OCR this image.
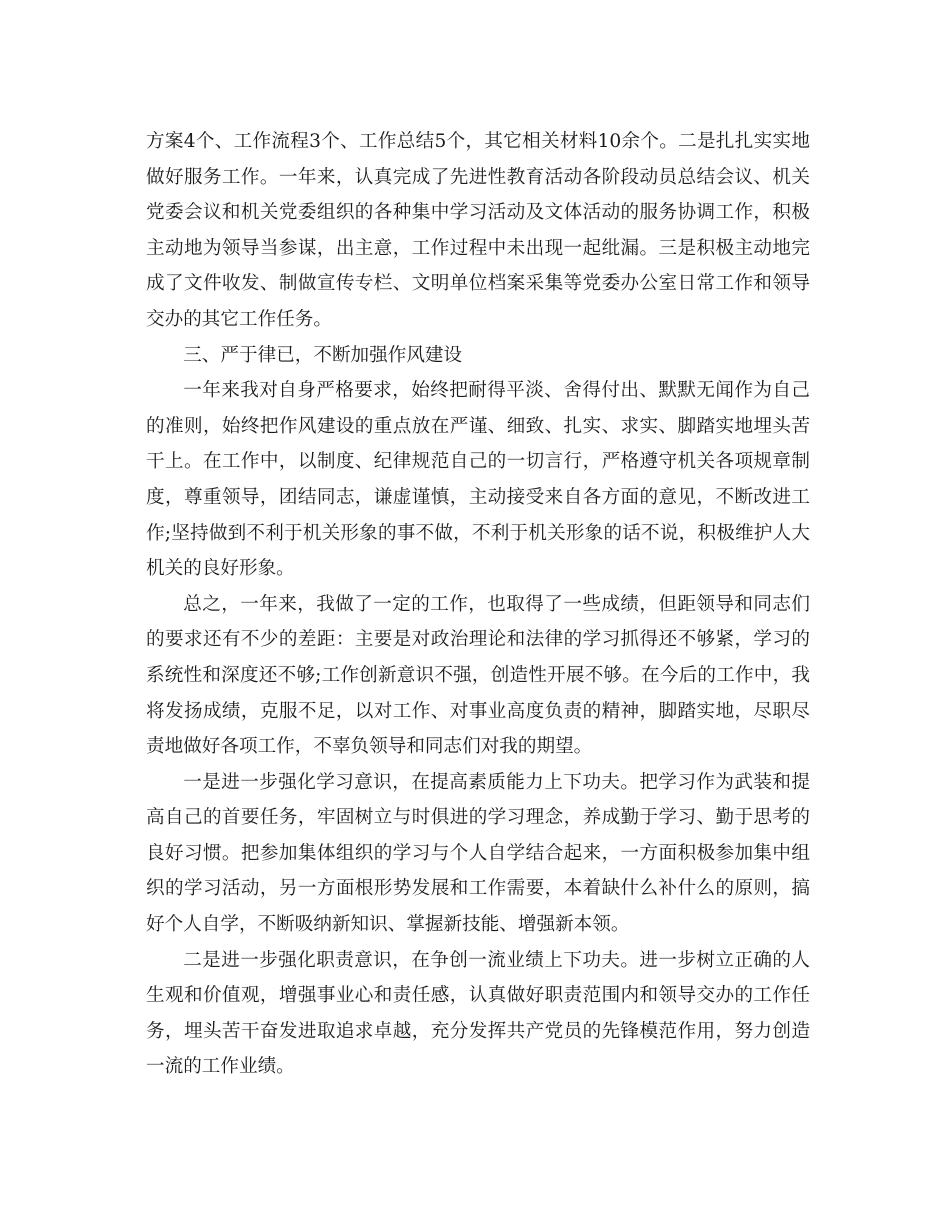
方案4个、工作流程3个、工作总结5个，其它相关材料10余个。二是扎扎实实地做好服务工作。一年来，认真完成了先进性教育活动各阶段动员总结会议、机关党委会议和机关党委组织的各种集中学习活动及文体活动的服务协调工作，积极主动地为领导当参谋，出主意，工作过程中未出现一起纰漏。三是积极主动地完成了文件收发、制做宣传专栏、文明单位档案采集等党委办公室日常工作和领导交办的其它工作任务。

三、严于律已，不断加强作风建设

一年来我对自身严格要求，始终把耐得平淡、舍得付出、默默无闻作为自己的准则，始终把作风建设的重点放在严谨、细致、扎实、求实、脚踏实地埋头苦干上。在工作中，以制度、纪律规范自己的一切言行，严格遵守机关各项规章制度，尊重领导，团结同志，谦虚谨慎，主动接受来自各方面的意见，不断改进工作;坚持做到不利于机关形象的事不做，不利于机关形象的话不说，积极维护人大机关的良好形象。

总之，一年来，我做了一定的工作，也取得了一些成绩，但距领导和同志们的要求还有不少的差距：主要是对政治理论和法律的学习抓得还不够紧，学习的系统性和深度还不够;工作创新意识不强，创造性开展不够。在今后的工作中，我将发扬成绩，克服不足，以对工作、对事业高度负责的精神，脚踏实地，尽职尽责地做好各项工作，不辜负领导和同志们对我的期望。

一是进一步强化学习意识，在提高素质能力上下功夫。把学习作为武装和提高自己的首要任务，牢固树立与时俱进的学习理念，养成勤于学习、勤于思考的良好习惯。把参加集体组织的学习与个人自学结合起来，一方面积极参加集中组织的学习活动，另一方面根形势发展和工作需要，本着缺什么补什么的原则，搞好个人自学，不断吸纳新知识、掌握新技能、增强新本领。

二是进一步强化职责意识，在争创一流业绩上下功夫。进一步树立正确的人生观和价值观，增强事业心和责任感，认真做好职责范围内和领导交办的工作任务，埋头苦干奋发进取追求卓越，充分发挥共产党员的先锋模范作用，努力创造一流的工作业绩。
